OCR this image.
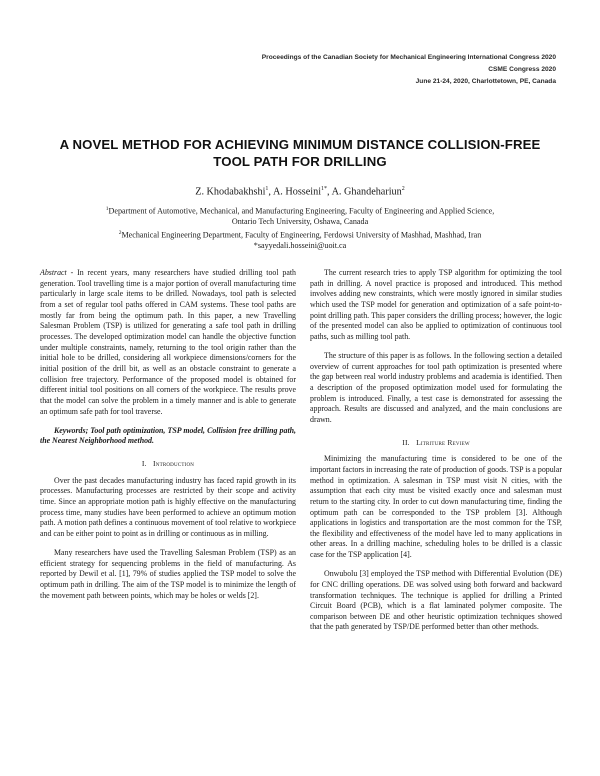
Proceedings of the Canadian Society for Mechanical Engineering International Congress 2020
CSME Congress 2020
June 21-24, 2020, Charlottetown, PE, Canada
A NOVEL METHOD FOR ACHIEVING MINIMUM DISTANCE COLLISION-FREE
TOOL PATH FOR DRILLING
Z. Khodabakhshi$^1$, A. Hosseini$^{1*}$, A. Ghandehariun$^2$
$^1$Department of Automotive, Mechanical, and Manufacturing Engineering, Faculty of Engineering and Applied Science,
Ontario Tech University, Oshawa, Canada
$^2$Mechanical Engineering Department, Faculty of Engineering, Ferdowsi University of Mashhad, Mashhad, Iran
*sayyedali.hosseini@uoit.ca

Abstract - In recent years, many researchers have studied drilling tool path generation. Tool travelling time is a major portion of overall manufacturing time particularly in large scale items to be drilled. Nowadays, tool path is selected from a set of regular tool paths offered in CAM systems. These tool paths are mostly far from being the optimum path. In this paper, a new Travelling Salesman Problem (TSP) is utilized for generating a safe tool path in drilling processes. The developed optimization model can handle the objective function under multiple constraints, namely, returning to the tool origin rather than the initial hole to be drilled, considering all workpiece dimensions/corners for the initial position of the drill bit, as well as an obstacle constraint to generate a collision free trajectory. Performance of the proposed model is obtained for different initial tool positions on all corners of the workpiece. The results prove that the model can solve the problem in a timely manner and is able to generate an optimum safe path for tool traverse.

Keywords; Tool path optimization, TSP model, Collision free drilling path, the Nearest Neighborhood method.

I. Introduction

Over the past decades manufacturing industry has faced rapid growth in its processes. Manufacturing processes are restricted by their scope and activity time. Since an appropriate motion path is highly effective on the manufacturing process time, many studies have been performed to achieve an optimum motion path. A motion path defines a continuous movement of tool relative to workpiece and can be either point to point as in drilling or continuous as in milling.

Many researchers have used the Travelling Salesman Problem (TSP) as an efficient strategy for sequencing problems in the field of manufacturing. As reported by Dewil et al. [1], 79% of studies applied the TSP model to solve the optimum path in drilling. The aim of the TSP model is to minimize the length of the movement path between points, which may be holes or welds [2].

The current research tries to apply TSP algorithm for optimizing the tool path in drilling. A novel practice is proposed and introduced. This method involves adding new constraints, which were mostly ignored in similar studies which used the TSP model for generation and optimization of a safe point-to-point drilling path. This paper considers the drilling process; however, the logic of the presented model can also be applied to optimization of continuous tool paths, such as milling tool path.

The structure of this paper is as follows. In the following section a detailed overview of current approaches for tool path optimization is presented where the gap between real world industry problems and academia is identified. Then a description of the proposed optimization model used for formulating the problem is introduced. Finally, a test case is demonstrated for assessing the approach. Results are discussed and analyzed, and the main conclusions are drawn.

II. Litriture Review

Minimizing the manufacturing time is considered to be one of the important factors in increasing the rate of production of goods. TSP is a popular method in optimization. A salesman in TSP must visit N cities, with the assumption that each city must be visited exactly once and salesman must return to the starting city. In order to cut down manufacturing time, finding the optimum path can be corresponded to the TSP problem [3]. Although applications in logistics and transportation are the most common for the TSP, the flexibility and effectiveness of the model have led to many applications in other areas. In a drilling machine, scheduling holes to be drilled is a classic case for the TSP application [4].

Onwubolu [3] employed the TSP method with Differential Evolution (DE) for CNC drilling operations. DE was solved using both forward and backward transformation techniques. The technique is applied for drilling a Printed Circuit Board (PCB), which is a flat laminated polymer composite. The comparison between DE and other heuristic optimization techniques showed that the path generated by TSP/DE performed better than other methods.
